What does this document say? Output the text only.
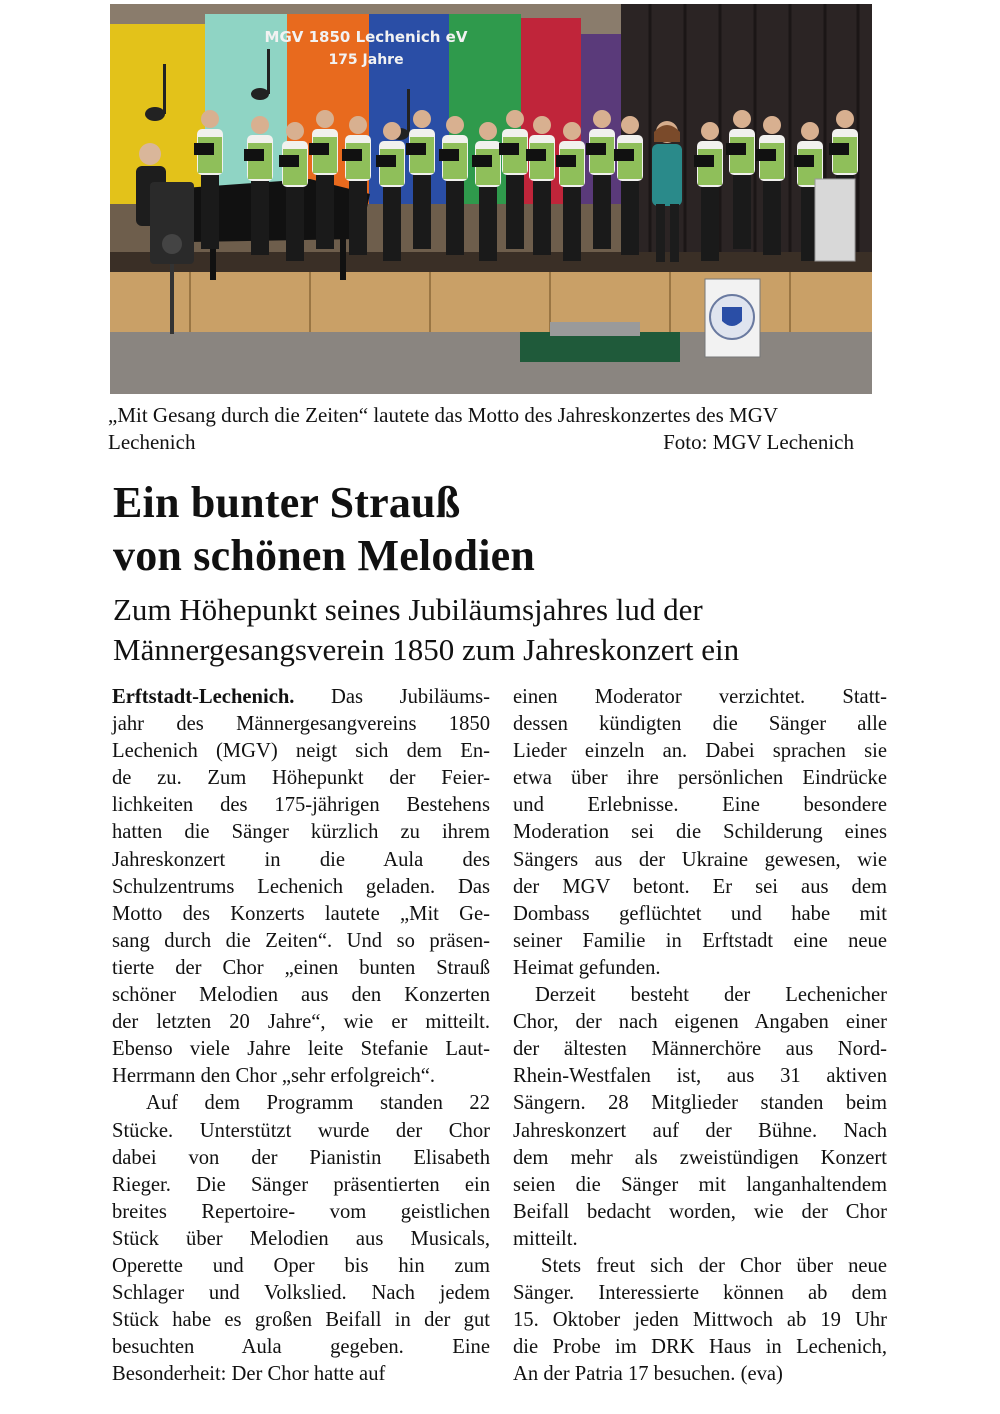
MGV 1850 Lechenich eV
175 Jahre
„Mit Gesang durch die Zeiten“ lautete das Motto des Jahreskonzertes des MGV
Lechenich	Foto: MGV Lechenich
Ein bunter Strauß
von schönen Melodien
Zum Höhepunkt seines Jubiläumsjahres lud der
Männergesangsverein 1850 zum Jahreskonzert ein
Erftstadt-Lechenich. Das Jubiläums-
jahr des Männergesangvereins 1850
Lechenich (MGV) neigt sich dem En-
de zu. Zum Höhepunkt der Feier-
lichkeiten des 175-jährigen Bestehens
hatten die Sänger kürzlich zu ihrem
Jahreskonzert in die Aula des
Schulzentrums Lechenich geladen. Das
Motto des Konzerts lautete „Mit Ge-
sang durch die Zeiten“. Und so präsen-
tierte der Chor „einen bunten Strauß
schöner Melodien aus den Konzerten
der letzten 20 Jahre“, wie er mitteilt.
Ebenso viele Jahre leite Stefanie Laut-
Herrmann den Chor „sehr erfolgreich“.
Auf dem Programm standen 22
Stücke. Unterstützt wurde der Chor
dabei von der Pianistin Elisabeth
Rieger. Die Sänger präsentierten ein
breites Repertoire- vom geistlichen
Stück über Melodien aus Musicals,
Operette und Oper bis hin zum
Schlager und Volkslied. Nach jedem
Stück habe es großen Beifall in der gut
besuchten Aula gegeben. Eine
Besonderheit: Der Chor hatte auf
einen Moderator verzichtet. Statt-
dessen kündigten die Sänger alle
Lieder einzeln an. Dabei sprachen sie
etwa über ihre persönlichen Eindrücke
und Erlebnisse. Eine besondere
Moderation sei die Schilderung eines
Sängers aus der Ukraine gewesen, wie
der MGV betont. Er sei aus dem
Dombass geflüchtet und habe mit
seiner Familie in Erftstadt eine neue
Heimat gefunden.
Derzeit besteht der Lechenicher
Chor, der nach eigenen Angaben einer
der ältesten Männerchöre aus Nord-
Rhein-Westfalen ist, aus 31 aktiven
Sängern. 28 Mitglieder standen beim
Jahreskonzert auf der Bühne. Nach
dem mehr als zweistündigen Konzert
seien die Sänger mit langanhaltendem
Beifall bedacht worden, wie der Chor
mitteilt.
Stets freut sich der Chor über neue
Sänger. Interessierte können ab dem
15. Oktober jeden Mittwoch ab 19 Uhr
die Probe im DRK Haus in Lechenich,
An der Patria 17 besuchen. (eva)
